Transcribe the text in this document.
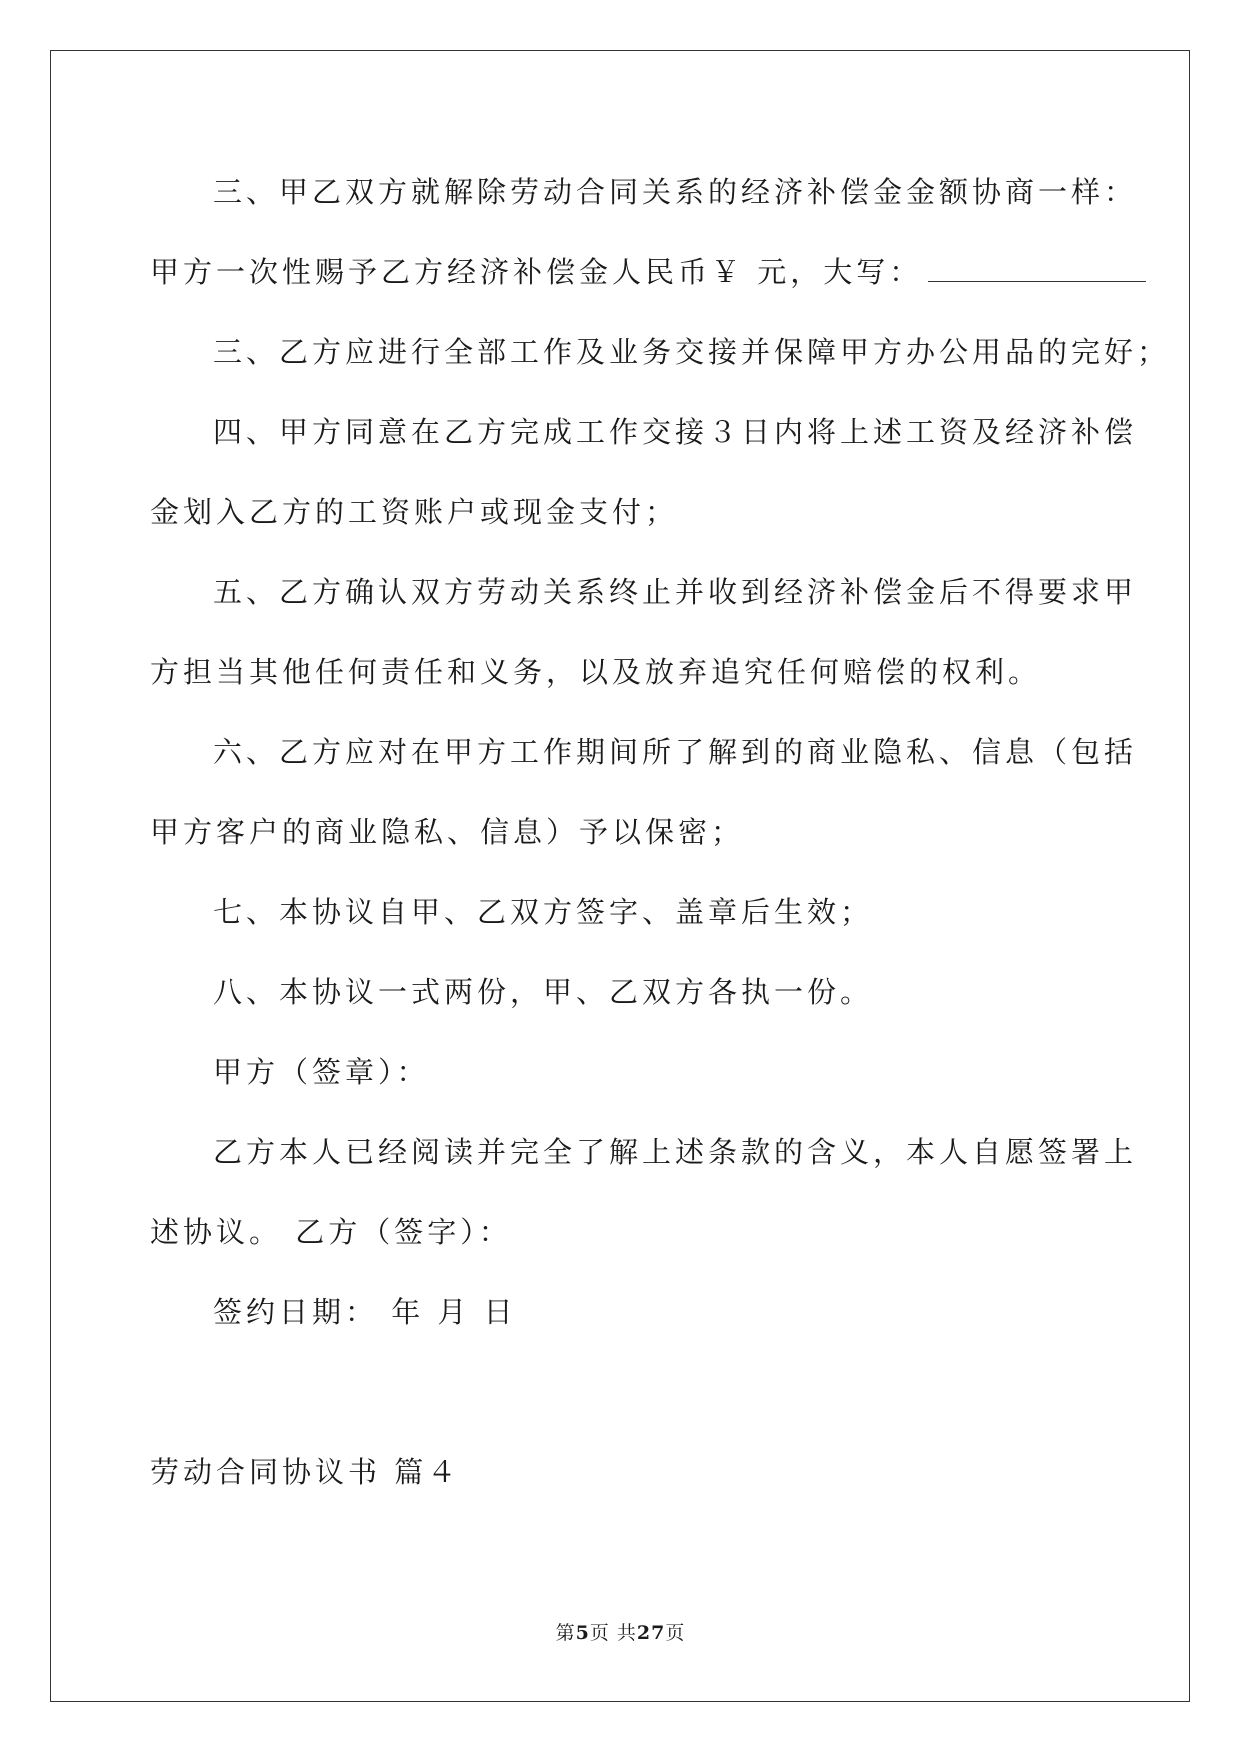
三、甲乙双方就解除劳动合同关系的经济补偿金金额协商一样：
甲方一次性赐予乙方经济补偿金人民币￥ 元，大写：
三、乙方应进行全部工作及业务交接并保障甲方办公用品的完好；
四、甲方同意在乙方完成工作交接３日内将上述工资及经济补偿
金划入乙方的工资账户或现金支付；
五、乙方确认双方劳动关系终止并收到经济补偿金后不得要求甲
方担当其他任何责任和义务，以及放弃追究任何赔偿的权利。
六、乙方应对在甲方工作期间所了解到的商业隐私、信息（包括
甲方客户的商业隐私、信息）予以保密；
七、本协议自甲、乙双方签字、盖章后生效；
八、本协议一式两份，甲、乙双方各执一份。
甲方（签章）：
乙方本人已经阅读并完全了解上述条款的含义，本人自愿签署上
述协议。 乙方（签字）：
签约日期： 年 月 日
劳动合同协议书 篇４
第5页 共27页
